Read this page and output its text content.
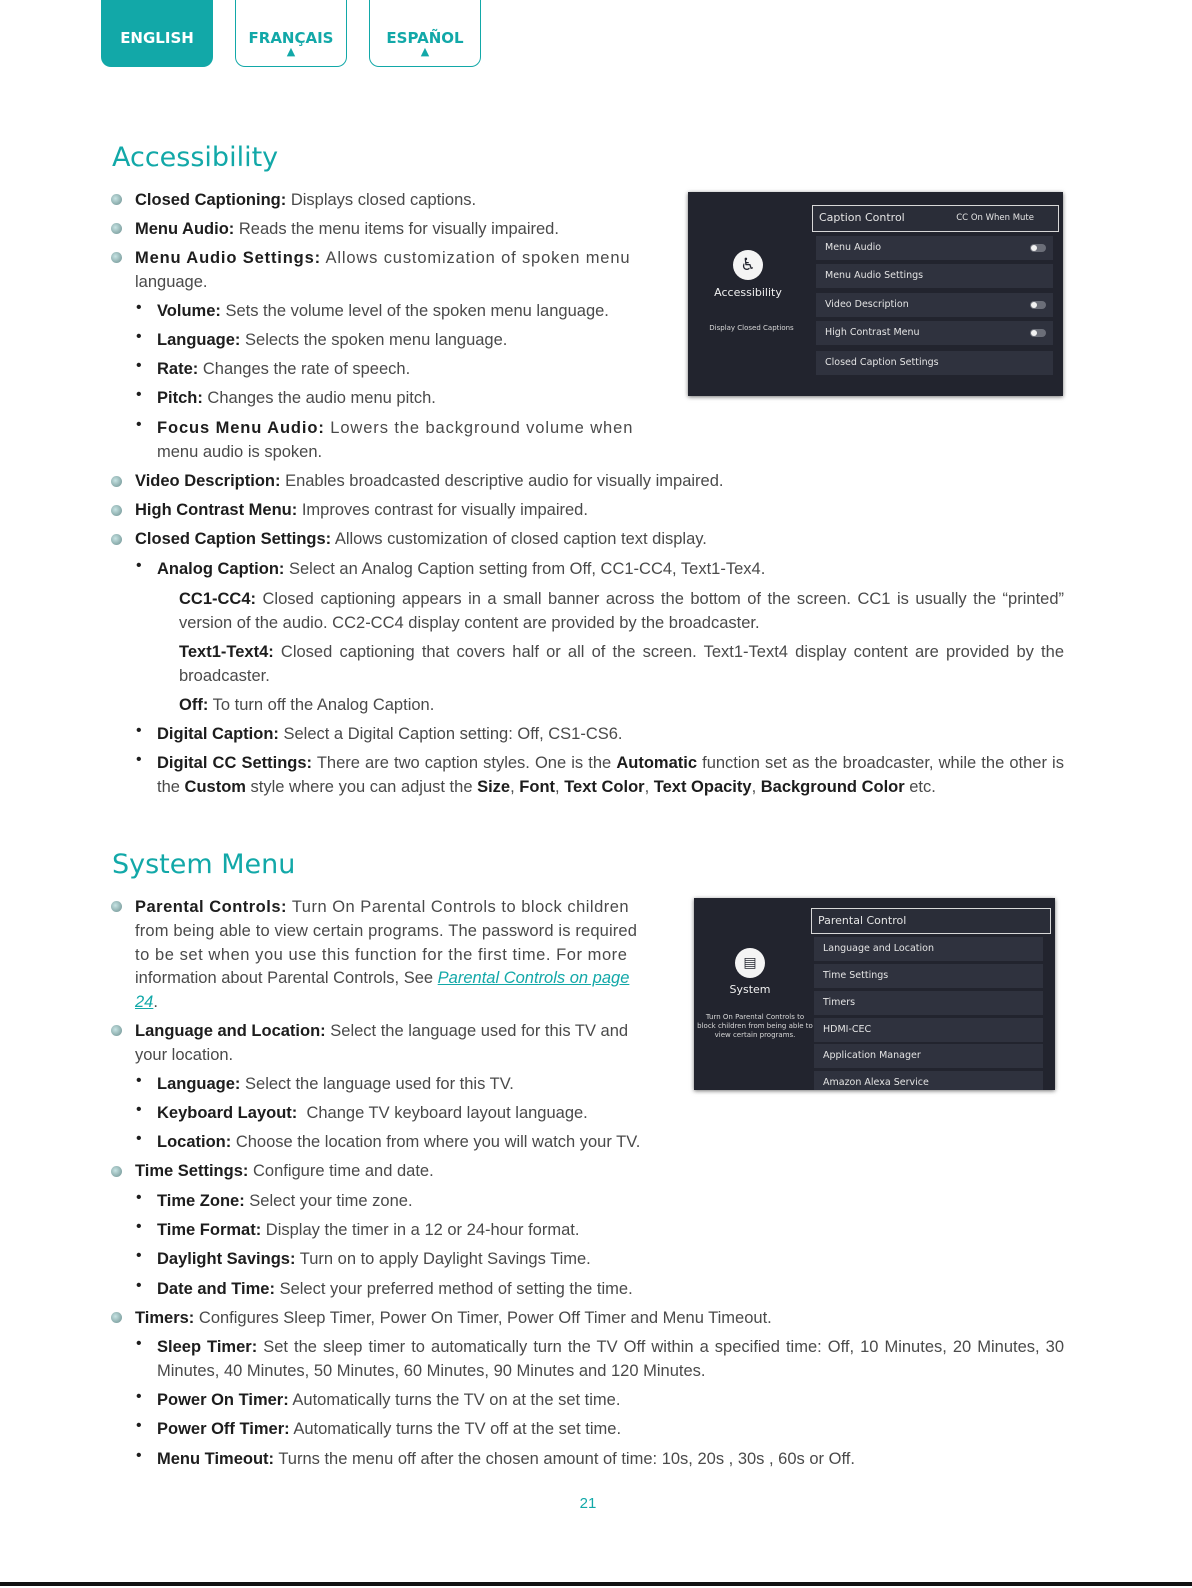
ENGLISH	FRANÇAIS
▲
ESPAÑOL
▲
Accessibility
Closed Captioning: Displays closed captions.
Menu Audio: Reads the menu items for visually impaired.
Menu Audio Settings: Allows customization of spoken menu
language.
• Volume: Sets the volume level of the spoken menu language.
• Language: Selects the spoken menu language.
• Rate: Changes the rate of speech.
• Pitch: Changes the audio menu pitch.
• Focus Menu Audio: Lowers the background volume when
menu audio is spoken.
Video Description: Enables broadcasted descriptive audio for visually impaired.
High Contrast Menu: Improves contrast for visually impaired.
Closed Caption Settings: Allows customization of closed caption text display.
• Analog Caption: Select an Analog Caption setting from Off, CC1-CC4, Text1-Tex4.
CC1-CC4: Closed captioning appears in a small banner across the bottom of the screen. CC1 is usually the “printed” version of the audio. CC2-CC4 display content are provided by the broadcaster.
Text1-Text4: Closed captioning that covers half or all of the screen. Text1-Text4 display content are provided by the broadcaster.
Off: To turn off the Analog Caption.
• Digital Caption: Select a Digital Caption setting: Off, CS1-CS6.
• Digital CC Settings: There are two caption styles. One is the Automatic function set as the broadcaster, while the other is the Custom style where you can adjust the Size, Font, Text Color, Text Opacity, Background Color etc.
♿
Accessibility
Display Closed Captions
Caption Control	CC On When Mute
Menu Audio
Menu Audio Settings
Video Description
High Contrast Menu
Closed Caption Settings
System Menu
Parental Controls: Turn On Parental Controls to block children
from being able to view certain programs. The password is required
to be set when you use this function for the first time. For more
information about Parental Controls, See Parental Controls on page
24.
Language and Location: Select the language used for this TV and
your location.
• Language: Select the language used for this TV.
• Keyboard Layout:  Change TV keyboard layout language.
• Location: Choose the location from where you will watch your TV.
Time Settings: Configure time and date.
• Time Zone: Select your time zone.
• Time Format: Display the timer in a 12 or 24-hour format.
• Daylight Savings: Turn on to apply Daylight Savings Time.
• Date and Time: Select your preferred method of setting the time.
Timers: Configures Sleep Timer, Power On Timer, Power Off Timer and Menu Timeout.
• Sleep Timer: Set the sleep timer to automatically turn the TV Off within a specified time: Off, 10 Minutes, 20 Minutes, 30 Minutes, 40 Minutes, 50 Minutes, 60 Minutes, 90 Minutes and 120 Minutes.
• Power On Timer: Automatically turns the TV on at the set time.
• Power Off Timer: Automatically turns the TV off at the set time.
• Menu Timeout: Turns the menu off after the chosen amount of time: 10s, 20s , 30s , 60s or Off.
▤
System
Turn On Parental Controls to block children from being able to view certain programs.
Parental Control
Language and Location
Time Settings
Timers
HDMI-CEC
Application Manager
Amazon Alexa Service
21
